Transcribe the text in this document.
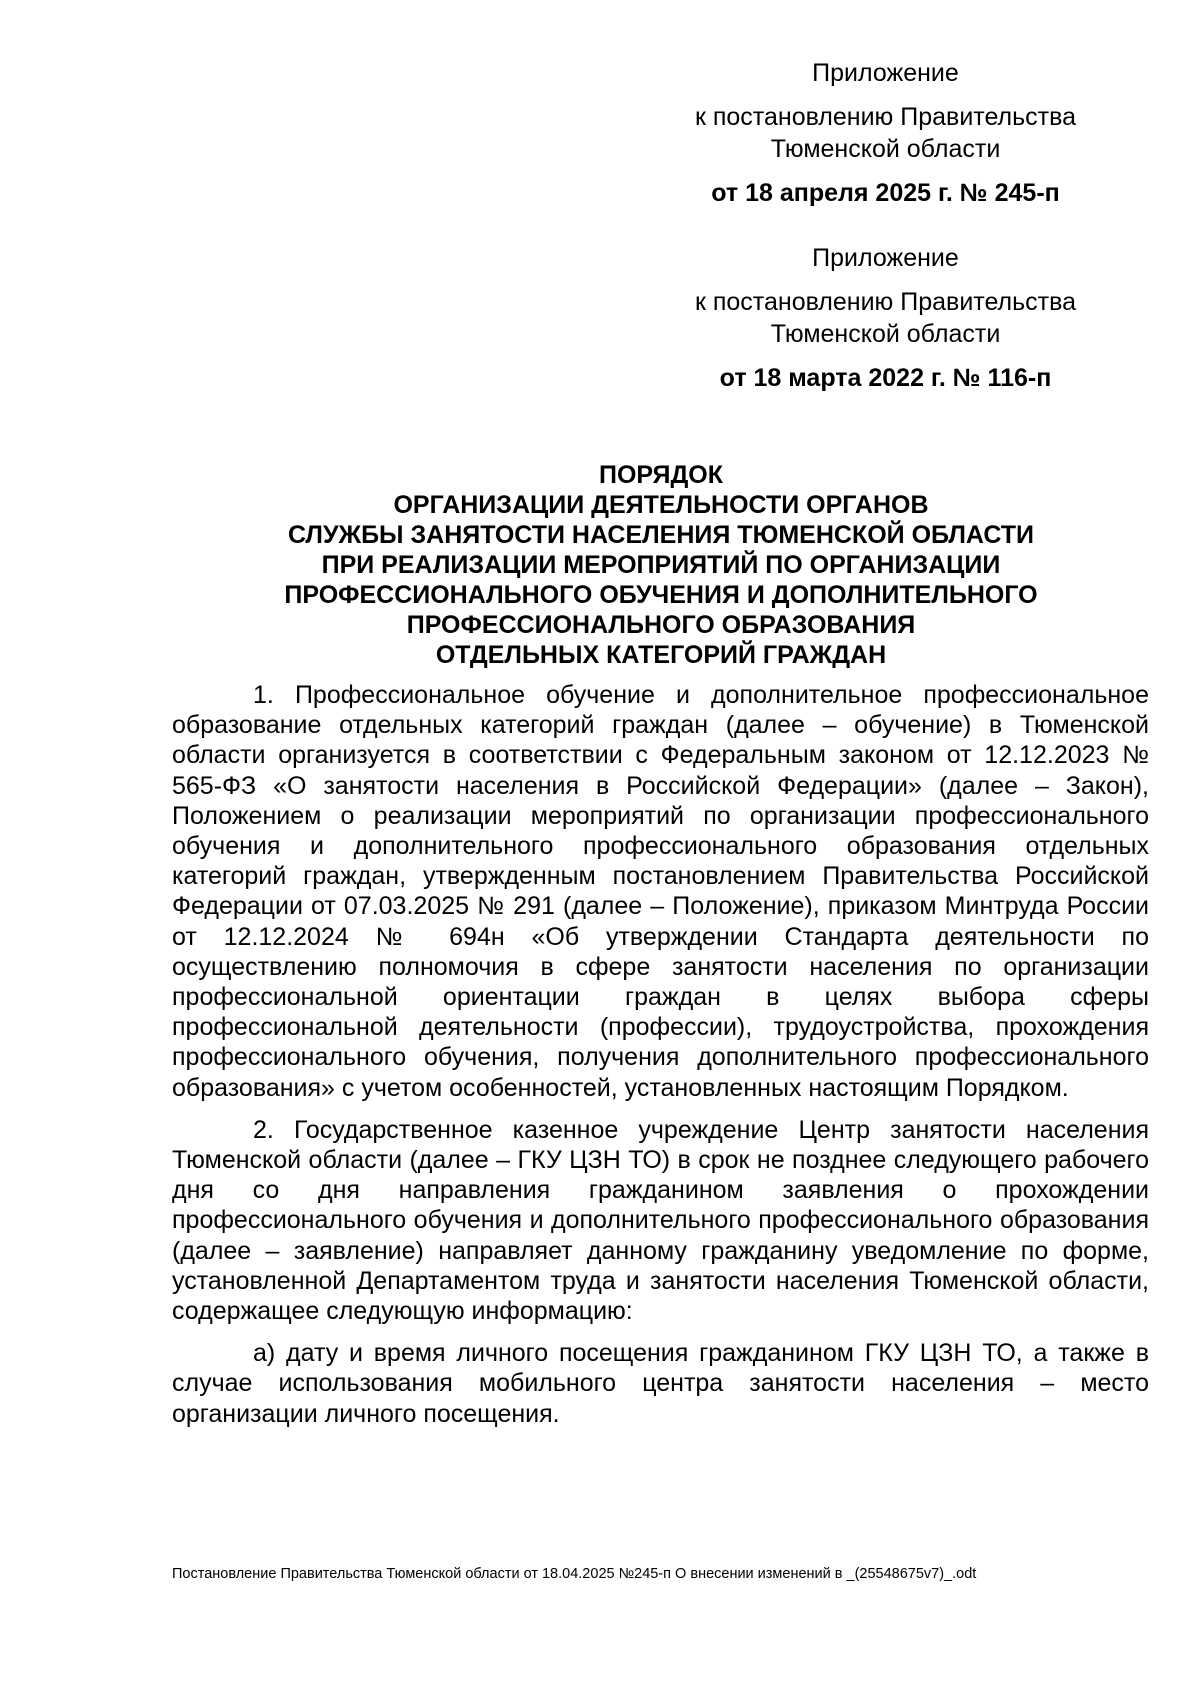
Приложение

к постановлению Правительства Тюменской области

от 18 апреля 2025 г. № 245-п

Приложение

к постановлению Правительства Тюменской области

от 18 марта 2022 г. № 116-п

ПОРЯДОК
ОРГАНИЗАЦИИ ДЕЯТЕЛЬНОСТИ ОРГАНОВ
СЛУЖБЫ ЗАНЯТОСТИ НАСЕЛЕНИЯ ТЮМЕНСКОЙ ОБЛАСТИ
ПРИ РЕАЛИЗАЦИИ МЕРОПРИЯТИЙ ПО ОРГАНИЗАЦИИ
ПРОФЕССИОНАЛЬНОГО ОБУЧЕНИЯ И ДОПОЛНИТЕЛЬНОГО
ПРОФЕССИОНАЛЬНОГО ОБРАЗОВАНИЯ
ОТДЕЛЬНЫХ КАТЕГОРИЙ ГРАЖДАН

1. Профессиональное обучение и дополнительное профессиональное образование отдельных категорий граждан (далее – обучение) в Тюменской области организуется в соответствии с Федеральным законом от 12.12.2023 № 565-ФЗ «О занятости населения в Российской Федерации» (далее – Закон), Положением о реализации мероприятий по организации профессионального обучения и дополнительного профессионального образования отдельных категорий граждан, утвержденным постановлением Правительства Российской Федерации от 07.03.2025 № 291 (далее – Положение), приказом Минтруда России от 12.12.2024 № 694н «Об утверждении Стандарта деятельности по осуществлению полномочия в сфере занятости населения по организации профессиональной ориентации граждан в целях выбора сферы профессиональной деятельности (профессии), трудоустройства, прохождения профессионального обучения, получения дополнительного профессионального образования» с учетом особенностей, установленных настоящим Порядком.

2. Государственное казенное учреждение Центр занятости населения Тюменской области (далее – ГКУ ЦЗН ТО) в срок не позднее следующего рабочего дня со дня направления гражданином заявления о прохождении профессионального обучения и дополнительного профессионального образования (далее – заявление) направляет данному гражданину уведомление по форме, установленной Департаментом труда и занятости населения Тюменской области, содержащее следующую информацию:

а) дату и время личного посещения гражданином ГКУ ЦЗН ТО, а также в случае использования мобильного центра занятости населения – место организации личного посещения.

Постановление Правительства Тюменской области от 18.04.2025 №245-п О внесении изменений в _(25548675v7)_.odt
